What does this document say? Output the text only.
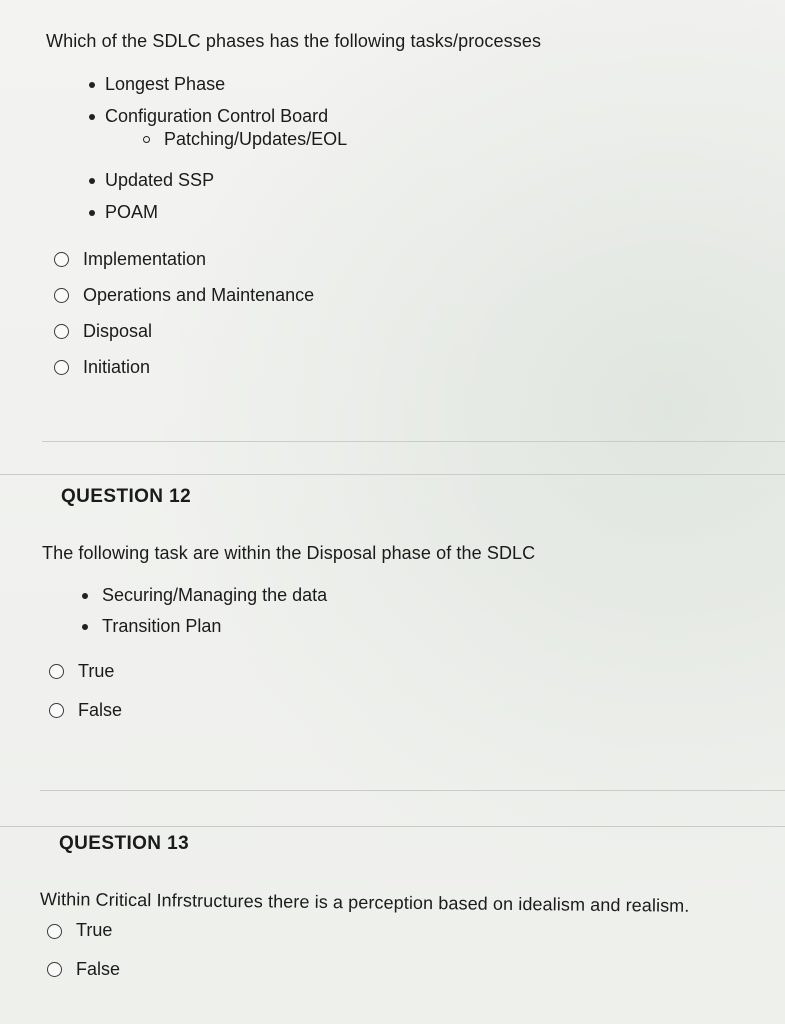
Which of the SDLC phases has the following tasks/processes
Longest Phase
Configuration Control Board
Patching/Updates/EOL
Updated SSP
POAM
Implementation
Operations and Maintenance
Disposal
Initiation
QUESTION 12
The following task are within the Disposal phase of the SDLC
Securing/Managing the data
Transition Plan
True
False
QUESTION 13
Within Critical Infrstructures there is a perception based on idealism and realism.
True
False
